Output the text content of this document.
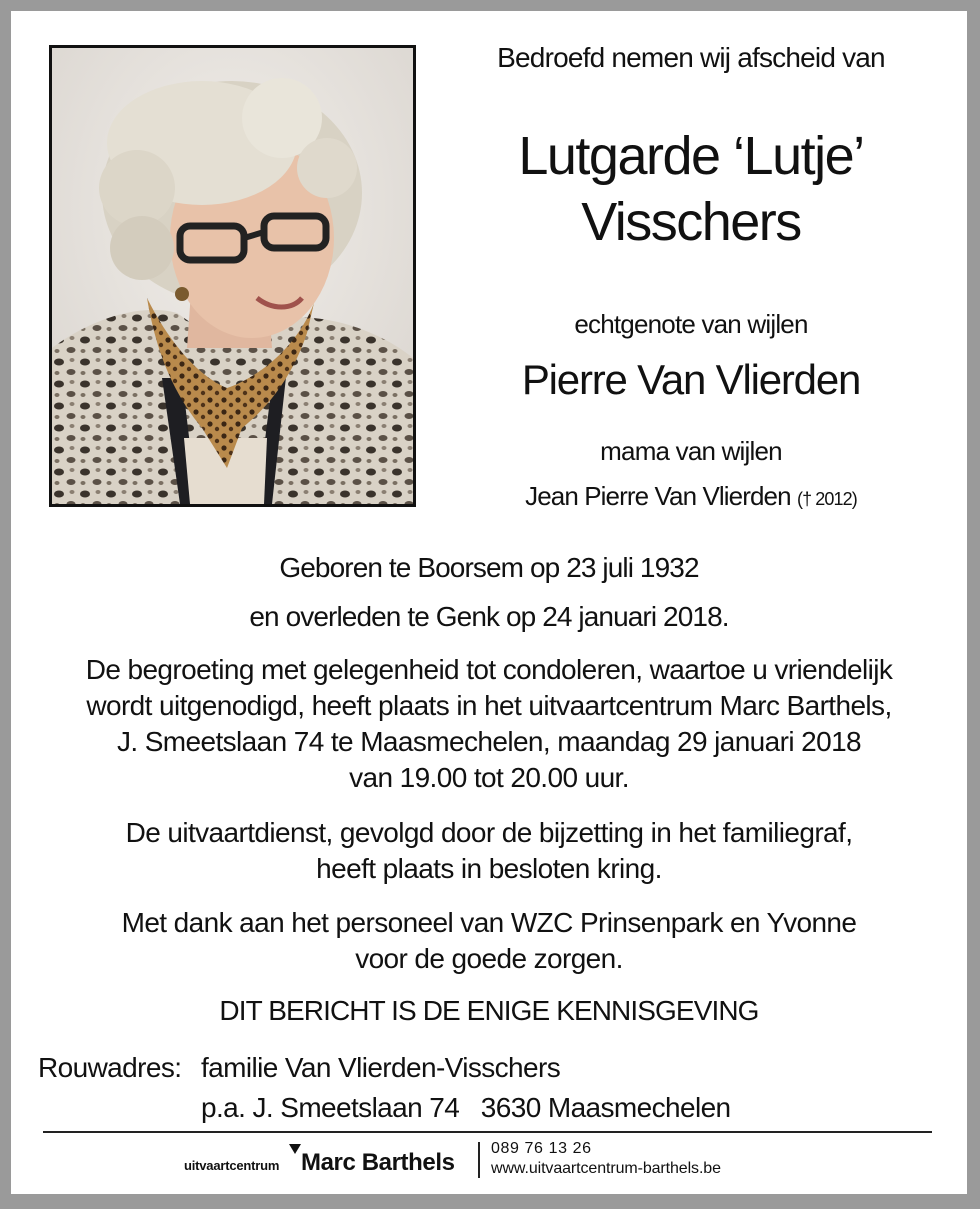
Bedroefd nemen wij afscheid van
Lutgarde ‘Lutje’
Visschers
echtgenote van wijlen
Pierre Van Vlierden
mama van wijlen
Jean Pierre Van Vlierden († 2012)
Geboren te Boorsem op 23 juli 1932
en overleden te Genk op 24 januari 2018.
De begroeting met gelegenheid tot condoleren, waartoe u vriendelijk
wordt uitgenodigd, heeft plaats in het uitvaartcentrum Marc Barthels,
J. Smeetslaan 74 te Maasmechelen, maandag 29 januari 2018
van 19.00 tot 20.00 uur.
De uitvaartdienst, gevolgd door de bijzetting in het familiegraf,
heeft plaats in besloten kring.
Met dank aan het personeel van WZC Prinsenpark en Yvonne
voor de goede zorgen.
DIT BERICHT IS DE ENIGE KENNISGEVING
Rouwadres: familie Van Vlierden-Visschers
p.a. J. Smeetslaan 74 3630 Maasmechelen
uitvaartcentrum Marc Barthels
089 76 13 26
www.uitvaartcentrum-barthels.be
